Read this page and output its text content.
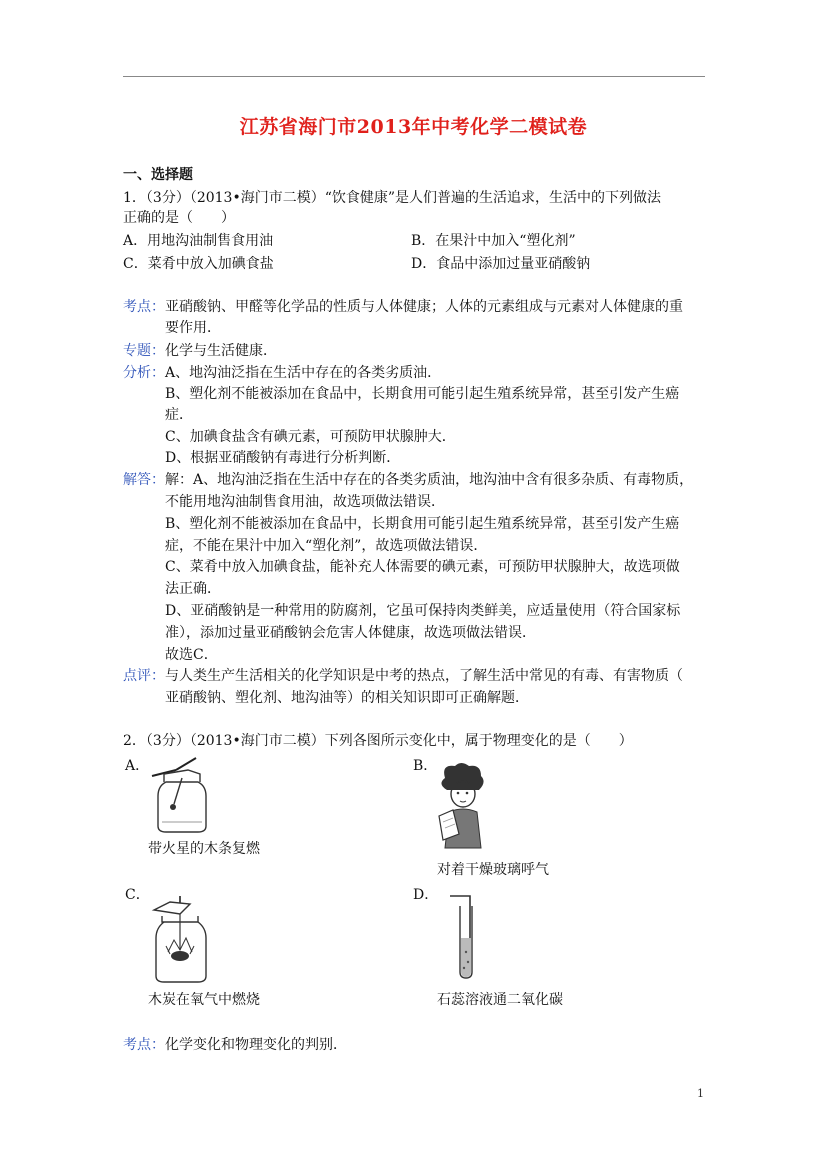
江苏省海门市2013年中考化学二模试卷
一、选择题
1．（3分）（2013•海门市二模）“饮食健康”是人们普遍的生活追求，生活中的下列做法
正确的是（　　）
A．用地沟油制售食用油	B．在果汁中加入“塑化剂”
C．菜肴中放入加碘食盐	D．食品中添加过量亚硝酸钠
考点： 亚硝酸钠、甲醛等化学品的性质与人体健康；人体的元素组成与元素对人体健康的重
要作用．
专题： 化学与生活健康．
分析： A、地沟油泛指在生活中存在的各类劣质油．
B、塑化剂不能被添加在食品中，长期食用可能引起生殖系统异常，甚至引发产生癌
症．
C、加碘食盐含有碘元素，可预防甲状腺肿大．
D、根据亚硝酸钠有毒进行分析判断．
解答： 解：A、地沟油泛指在生活中存在的各类劣质油，地沟油中含有很多杂质、有毒物质，
不能用地沟油制售食用油，故选项做法错误．
B、塑化剂不能被添加在食品中，长期食用可能引起生殖系统异常，甚至引发产生癌
症，不能在果汁中加入“塑化剂”，故选项做法错误．
C、菜肴中放入加碘食盐，能补充人体需要的碘元素，可预防甲状腺肿大，故选项做
法正确．
D、亚硝酸钠是一种常用的防腐剂，它虽可保持肉类鲜美，应适量使用（符合国家标
准），添加过量亚硝酸钠会危害人体健康，故选项做法错误．
故选C．
点评： 与人类生产生活相关的化学知识是中考的热点，了解生活中常见的有毒、有害物质（
亚硝酸钠、塑化剂、地沟油等）的相关知识即可正确解题．
2．（3分）（2013•海门市二模）下列各图所示变化中，属于物理变化的是（　　）
A．
带火星的木条复燃
B．
对着干燥玻璃呼气
C．
木炭在氧气中燃烧
D．
石蕊溶液通二氧化碳
考点： 化学变化和物理变化的判别．
1
